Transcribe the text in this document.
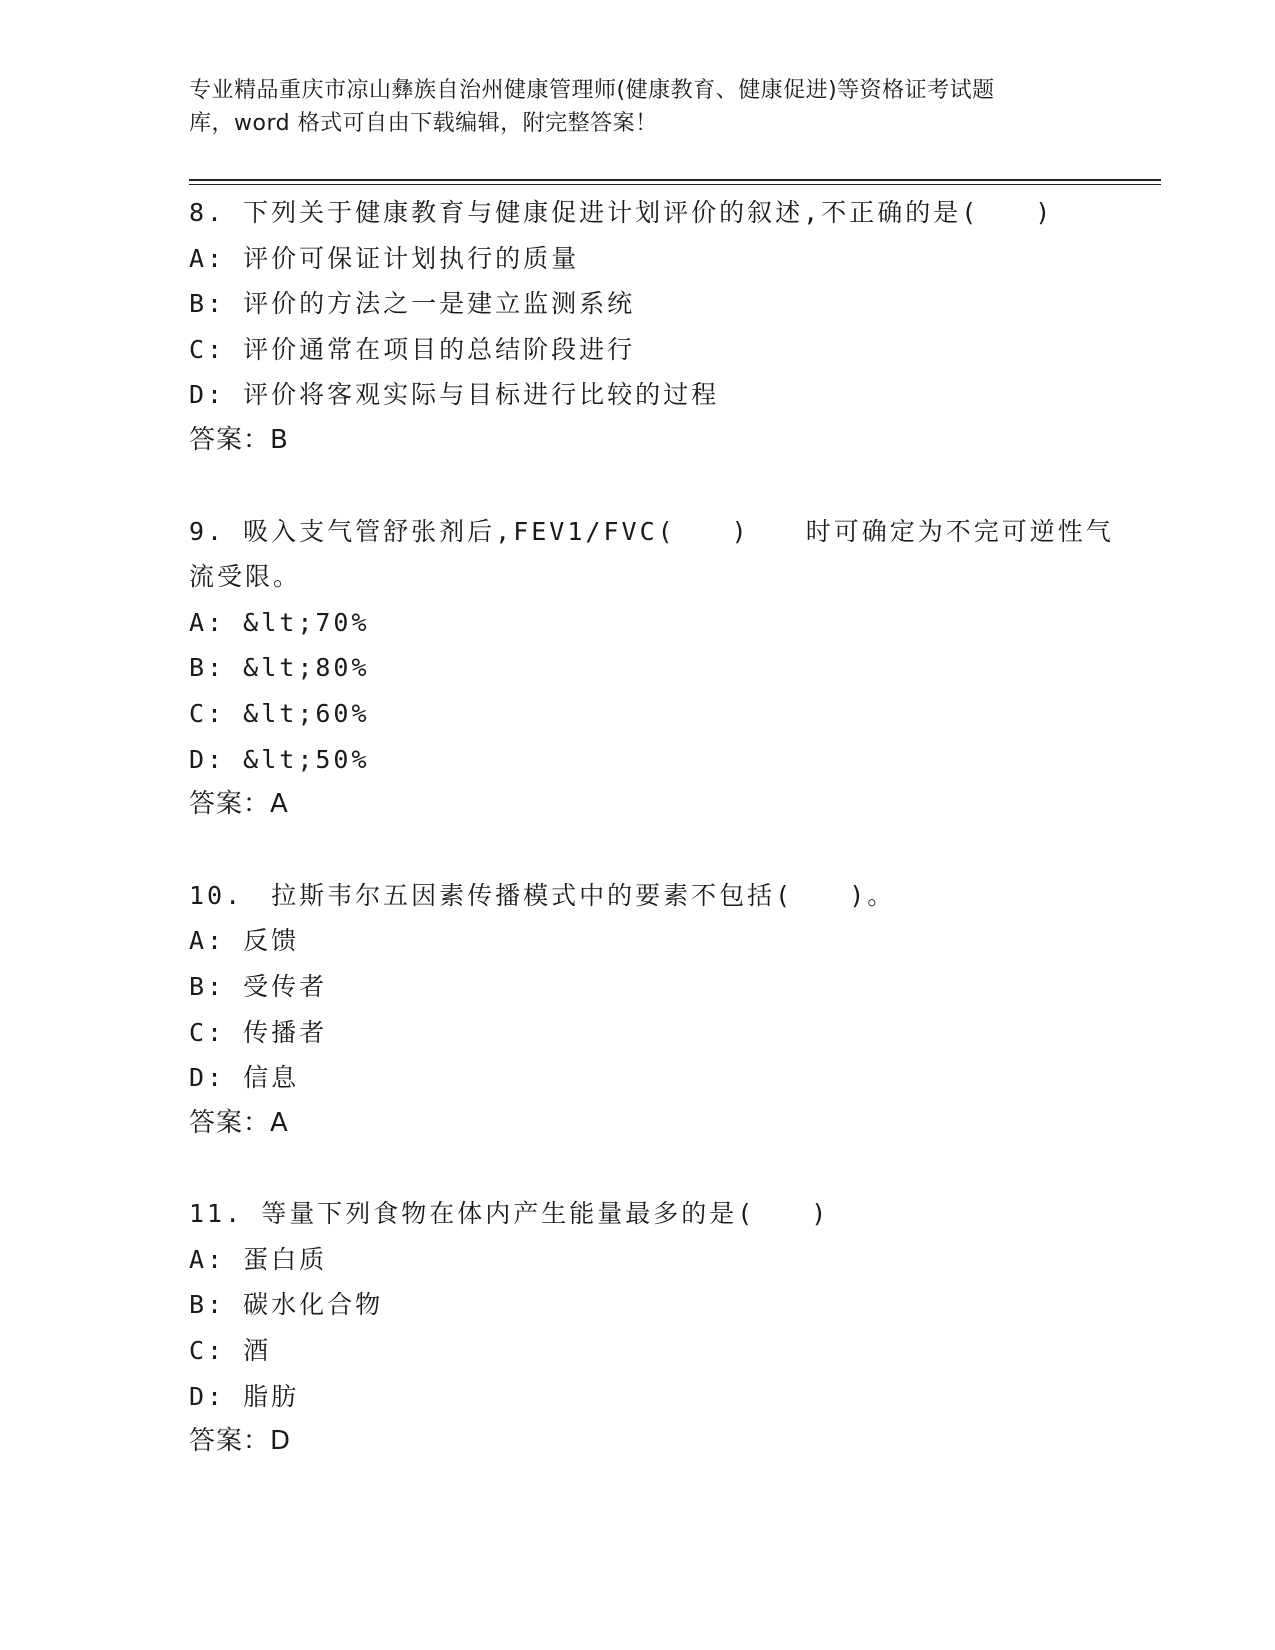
专业精品重庆市凉山彝族自治州健康管理师(健康教育、健康促进)等资格证考试题
库，word 格式可自由下载编辑，附完整答案！
8. 下列关于健康教育与健康促进计划评价的叙述,不正确的是(　　)
A: 评价可保证计划执行的质量
B: 评价的方法之一是建立监测系统
C: 评价通常在项目的总结阶段进行
D: 评价将客观实际与目标进行比较的过程
答案：B
9. 吸入支气管舒张剂后,FEV1/FVC(　　)　　时可确定为不完可逆性气流受限。
A: &lt;70%
B: &lt;80%
C: &lt;60%
D: &lt;50%
答案：A
10.　拉斯韦尔五因素传播模式中的要素不包括(　　)。
A: 反馈
B: 受传者
C: 传播者
D: 信息
答案：A
11. 等量下列食物在体内产生能量最多的是(　　)
A: 蛋白质
B: 碳水化合物
C: 酒
D: 脂肪
答案：D
